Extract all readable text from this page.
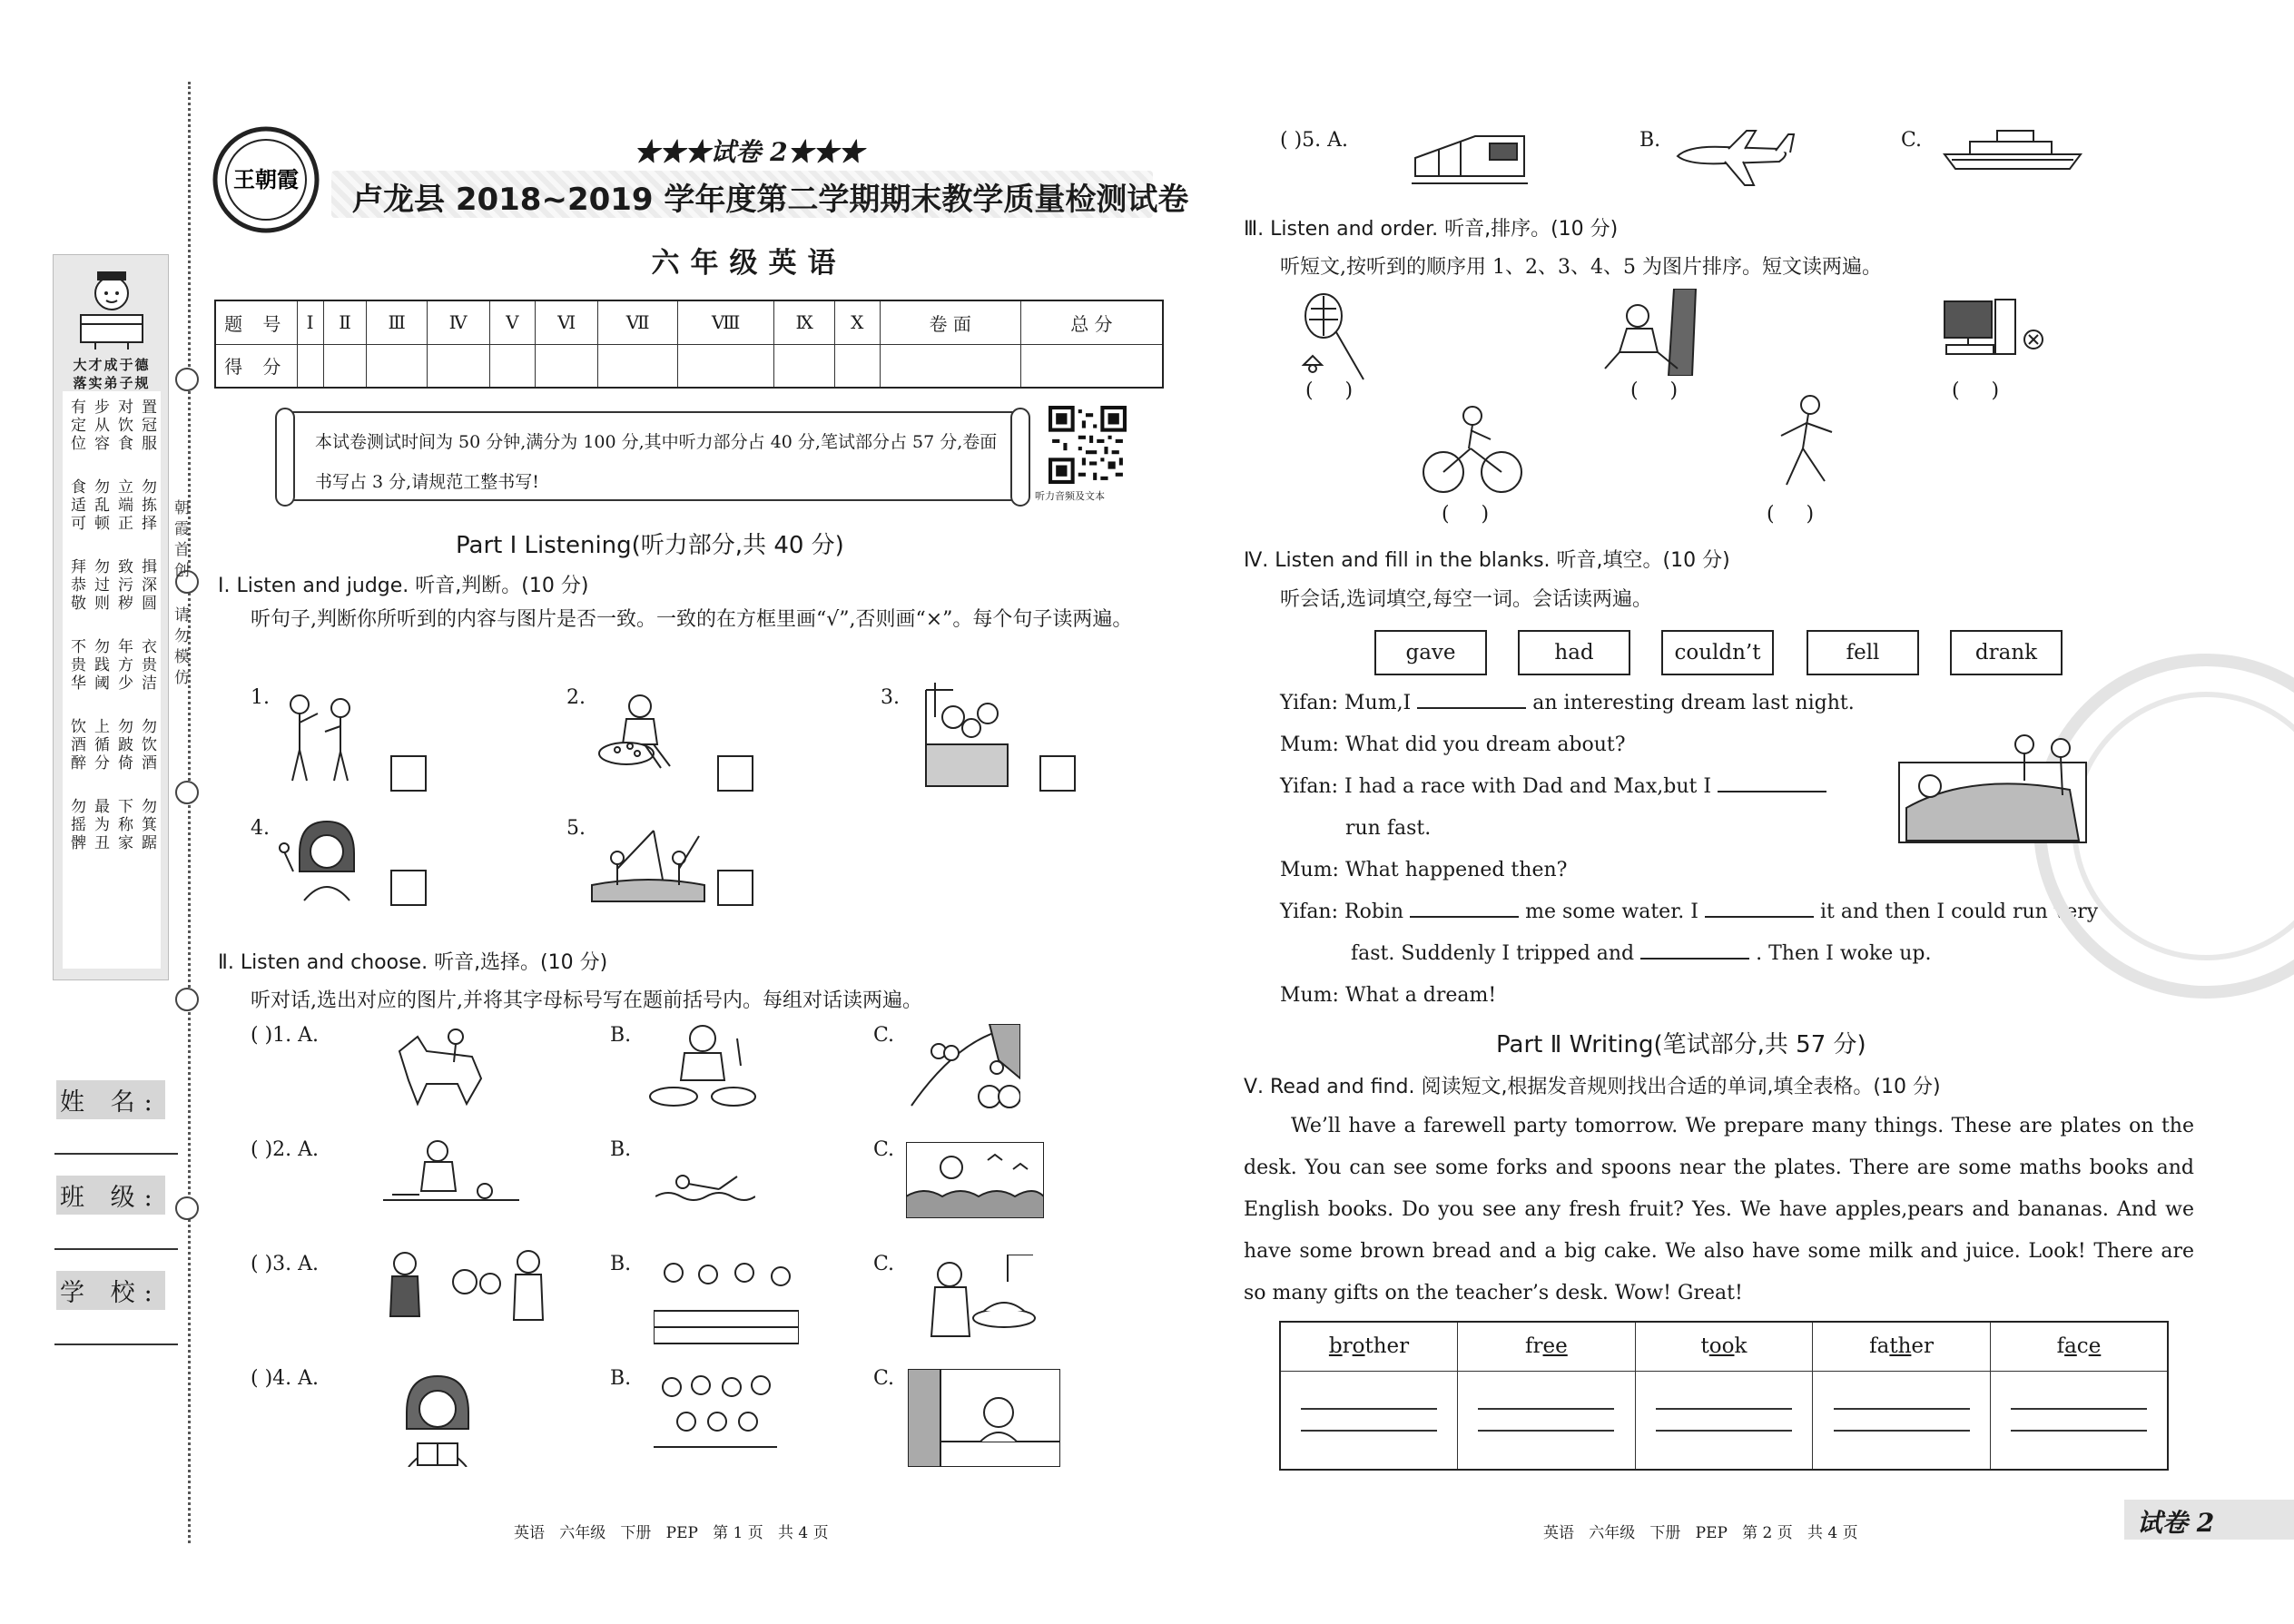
朝霞首创
请勿模仿
大才成于德
落实弟子规
置冠服
对饮食
步从容
有定位
勿拣择
立端正
勿乱顿
食适可
揖深圆
致污秽
勿过则
拜恭敬
衣贵洁
年方少
勿践阈
不贵华
勿饮酒
勿跛倚
上循分
饮酒醉
勿箕踞
下称家
最为丑
勿摇髀
姓 名:
班 级:
学 校:
王朝霞
★★★试卷 2★★★
卢龙县 2018~2019 学年度第二学期期末教学质量检测试卷
六年级英语
题 号	Ⅰ	Ⅱ	Ⅲ	Ⅳ	Ⅴ	Ⅵ	Ⅶ	Ⅷ	Ⅸ	Ⅹ	卷 面	总 分
得 分												

本试卷测试时间为 50 分钟,满分为 100 分,其中听力部分占 40 分,笔试部分占 57 分,卷面书写占 3 分,请规范工整书写!

听力音频及文本
Part Ⅰ Listening(听力部分,共 40 分)
Ⅰ. Listen and judge. 听音,判断。(10 分)
听句子,判断你所听到的内容与图片是否一致。一致的在方框里画“√”,否则画“×”。每个句子读两遍。
1.	2.	3.
4.	5.
Ⅱ. Listen and choose. 听音,选择。(10 分)
听对话,选出对应的图片,并将其字母标号写在题前括号内。每组对话读两遍。
( )1. A.	B.	C.
( )2. A.	B.	C.
( )3. A.	B.	C.
( )4. A.	B.	C.
( )5. A.	B.	C.
Ⅲ. Listen and order. 听音,排序。(10 分)
听短文,按听到的顺序用 1、2、3、4、5 为图片排序。短文读两遍。
(     )	(     )	(     )
(     )	(     )
Ⅳ. Listen and fill in the blanks. 听音,填空。(10 分)
听会话,选词填空,每空一词。会话读两遍。
gave	had	couldn’t	fell	drank
Yifan: Mum,I	an interesting dream last night.
Mum: What did you dream about?
Yifan: I had a race with Dad and Max,but I
run fast.
Mum: What happened then?
Yifan: Robin	me some water. I	it and then I could run very
fast. Suddenly I tripped and	. Then I woke up.
Mum: What a dream!
Part Ⅱ Writing(笔试部分,共 57 分)
Ⅴ. Read and find. 阅读短文,根据发音规则找出合适的单词,填全表格。(10 分)
We’ll have a farewell party tomorrow. We prepare many things. These are plates on the desk. You can see some forks and spoons near the plates. There are some maths books and English books. Do you see any fresh fruit? Yes. We have apples,pears and bananas. And we have some brown bread and a big cake. We also have some milk and juice. Look! There are so many gifts on the teacher’s desk. Wow! Great!
brother	free	took	father	face

英语   六年级   下册   PEP   第 1 页   共 4 页	英语   六年级   下册   PEP   第 2 页   共 4 页	试卷 2
